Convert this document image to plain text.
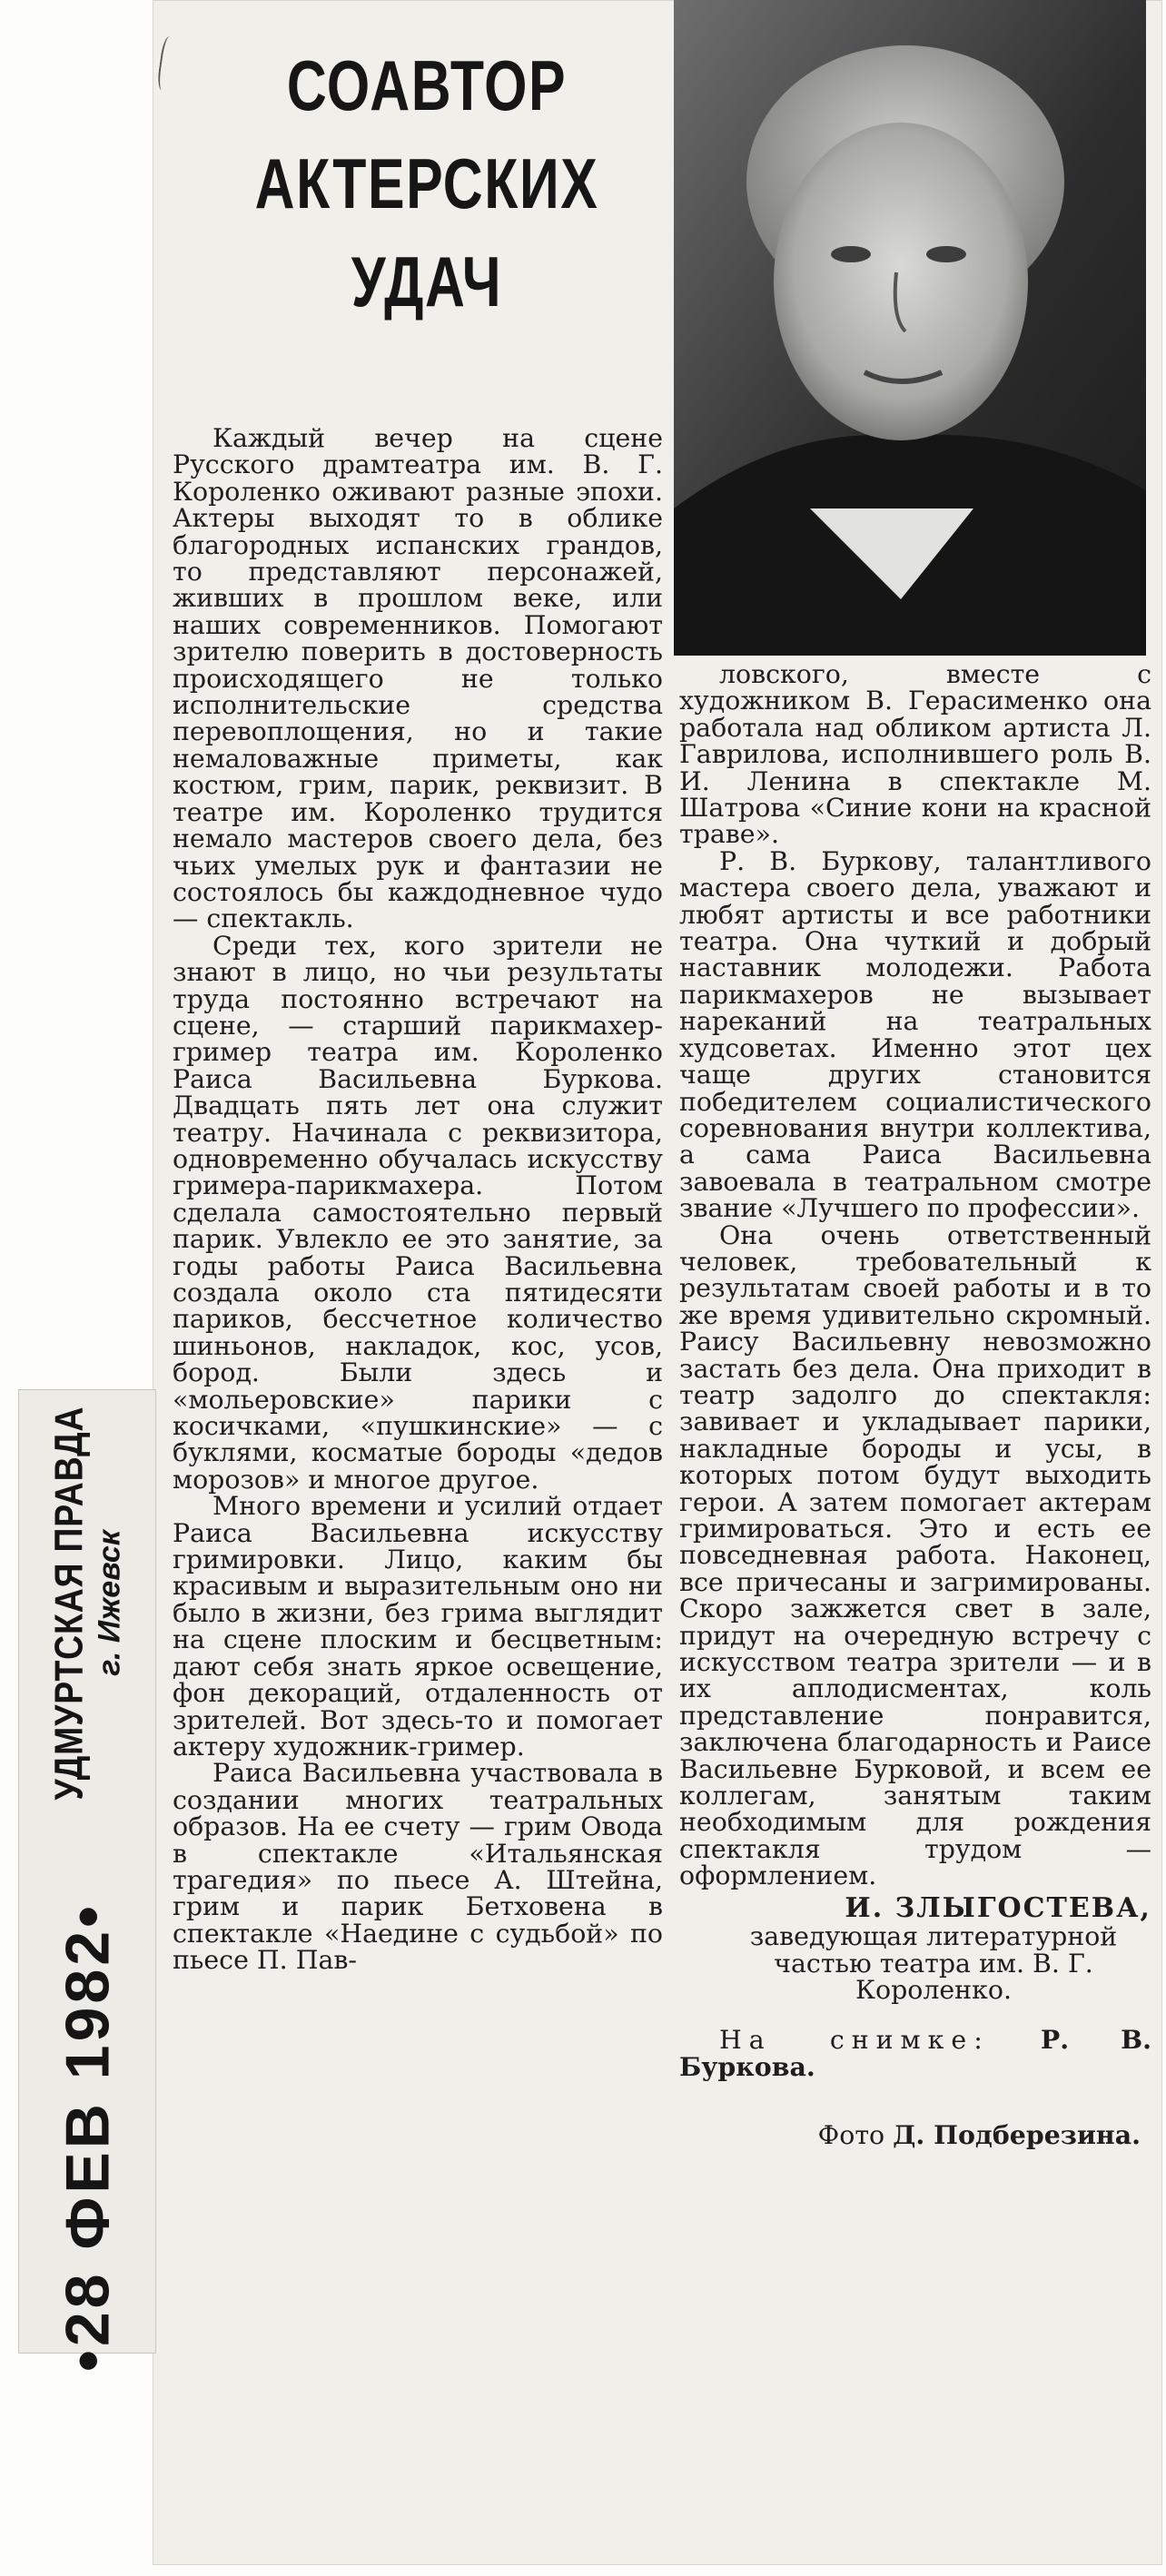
СОАВТОР
АКТЕРСКИХ
УДАЧ

Каждый вечер на сцене Русского драмтеатра им. В. Г. Короленко оживают разные эпохи. Актеры выходят то в облике благородных испанских грандов, то представляют персонажей, живших в прошлом веке, или наших современников. Помогают зрителю поверить в достоверность происходящего не только исполнительские средства перевоплощения, но и такие немаловажные приметы, как костюм, грим, парик, реквизит. В театре им. Короленко трудится немало мастеров своего дела, без чьих умелых рук и фантазии не состоялось бы каждодневное чудо — спектакль.

Среди тех, кого зрители не знают в лицо, но чьи результаты труда постоянно встречают на сцене, — старший парикмахер-гример театра им. Короленко Раиса Васильевна Буркова. Двадцать пять лет она служит театру. Начинала с реквизитора, одновременно обучалась искусству гримера-парикмахера. Потом сделала самостоятельно первый парик. Увлекло ее это занятие, за годы работы Раиса Васильевна создала около ста пятидесяти париков, бессчетное количество шиньонов, накладок, кос, усов, бород. Были здесь и «мольеровские» парики с косичками, «пушкинские» — с буклями, косматые бороды «дедов морозов» и многое другое.

Много времени и усилий отдает Раиса Васильевна искусству гримировки. Лицо, каким бы красивым и выразительным оно ни было в жизни, без грима выглядит на сцене плоским и бесцветным: дают себя знать яркое освещение, фон декораций, отдаленность от зрителей. Вот здесь-то и помогает актеру художник-гример.

Раиса Васильевна участвовала в создании многих театральных образов. На ее счету — грим Овода в спектакле «Итальянская трагедия» по пьесе А. Штейна, грим и парик Бетховена в спектакле «Наедине с судьбой» по пьесе П. Пав-

ловского, вместе с художником В. Герасименко она работала над обликом артиста Л. Гаврилова, исполнившего роль В. И. Ленина в спектакле М. Шатрова «Синие кони на красной траве».

Р. В. Буркову, талантливого мастера своего дела, уважают и любят артисты и все работники театра. Она чуткий и добрый наставник молодежи. Работа парикмахеров не вызывает нареканий на театральных худсоветах. Именно этот цех чаще других становится победителем социалистического соревнования внутри коллектива, а сама Раиса Васильевна завоевала в театральном смотре звание «Лучшего по профессии».

Она очень ответственный человек, требовательный к результатам своей работы и в то же время удивительно скромный. Раису Васильевну невозможно застать без дела. Она приходит в театр задолго до спектакля: завивает и укладывает парики, накладные бороды и усы, в которых потом будут выходить герои. А затем помогает актерам гримироваться. Это и есть ее повседневная работа. Наконец, все причесаны и загримированы. Скоро зажжется свет в зале, придут на очередную встречу с искусством театра зрители — и в их аплодисментах, коль представление понравится, заключена благодарность и Раисе Васильевне Бурковой, и всем ее коллегам, занятым таким необходимым для рождения спектакля трудом — оформлением.

И. ЗЛЫГОСТЕВА,
заведующая литературной частью театра им. В. Г. Короленко.
На снимке: Р. В. Буркова.
Фото Д. Подберезина.
•28 ФЕВ 1982•
УДМУРТСКАЯ ПРАВДА г. Ижевск
